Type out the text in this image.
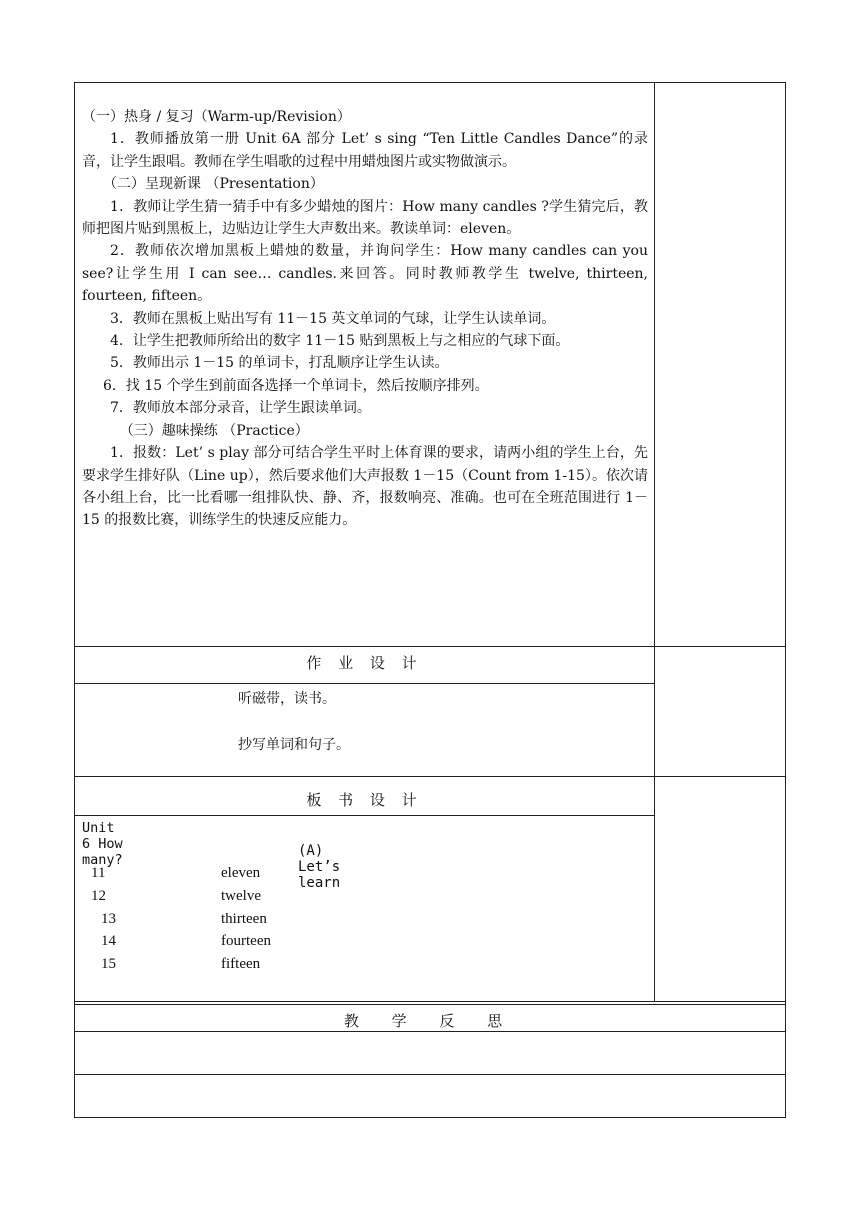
（一）热身 / 复习（Warm-up/Revision）

1．教师播放第一册 Unit 6A 部分 Let’ s sing “Ten Little Candles Dance”的录音，让学生跟唱。教师在学生唱歌的过程中用蜡烛图片或实物做演示。

（二）呈现新课 （Presentation）

1．教师让学生猜一猜手中有多少蜡烛的图片：How many candles ?学生猜完后，教师把图片贴到黑板上，边贴边让学生大声数出来。教读单词：eleven。

2．教师依次增加黑板上蜡烛的数量，并询问学生：How many candles can you see?让学生用 I can see… candles.来回答。同时教师教学生 twelve, thirteen, fourteen, fifteen。

3．教师在黑板上贴出写有 11－15 英文单词的气球，让学生认读单词。

4．让学生把教师所给出的数字 11－15 贴到黑板上与之相应的气球下面。

5．教师出示 1－15 的单词卡，打乱顺序让学生认读。

6．找 15 个学生到前面各选择一个单词卡，然后按顺序排列。

7．教师放本部分录音，让学生跟读单词。

（三）趣味操练 （Practice）

1．报数：Let’ s play 部分可结合学生平时上体育课的要求，请两小组的学生上台，先要求学生排好队（Line up），然后要求他们大声报数 1－15（Count from 1-15）。依次请各小组上台，比一比看哪一组排队快、静、齐，报数响亮、准确。也可在全班范围进行 1－15 的报数比赛，训练学生的快速反应能力。

作 业 设 计

听磁带，读书。

抄写单词和句子。

板 书 设 计
Unit 6 How many?
(A) Let’s learn
11	eleven
12	twelve
13	thirteen
14	fourteen
15	fifteen
教 学 反 思
